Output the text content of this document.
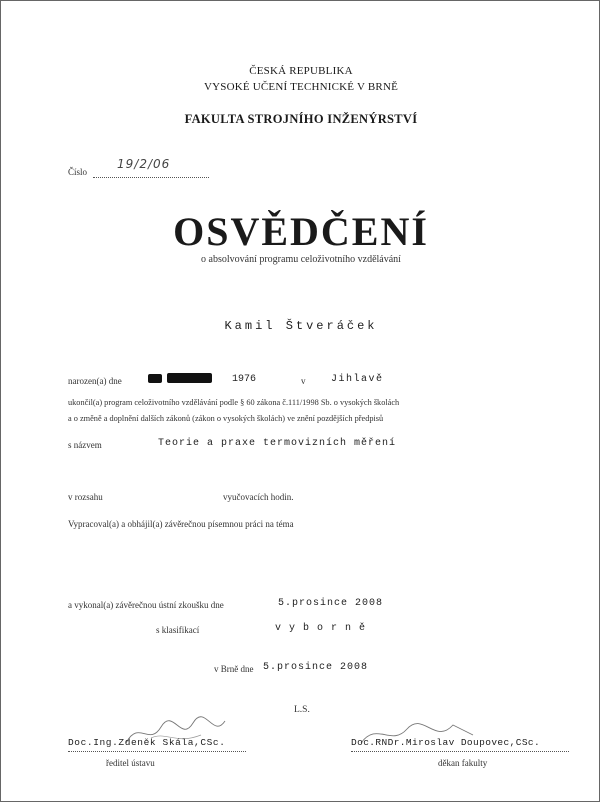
ČESKÁ REPUBLIKA
VYSOKÉ UČENÍ TECHNICKÉ V BRNĚ
FAKULTA STROJNÍHO INŽENÝRSTVÍ
Číslo
19/2/06
OSVĚDČENÍ
o absolvování programu celoživotního vzdělávání
Kamil Štveráček
narozen(a) dne	1976	v	Jihlavě
ukončil(a) program celoživotního vzdělávání podle § 60 zákona č.111/1998 Sb. o vysokých školách
a o změně a doplnění dalších zákonů (zákon o vysokých školách) ve znění pozdějších předpisů
s názvem	Teorie a praxe termovizních měření
v rozsahu	vyučovacích hodin.
Vypracoval(a) a obhájil(a) závěrečnou písemnou práci na téma
a vykonal(a) závěrečnou ústní zkoušku dne	5.prosince 2008
s klasifikací	v y b o r n ě
v Brně dne 5.prosince 2008
L.S.
Doc.Ing.Zdeněk Skála,CSc.
ředitel ústavu
Doc.RNDr.Miroslav Doupovec,CSc.
děkan fakulty
